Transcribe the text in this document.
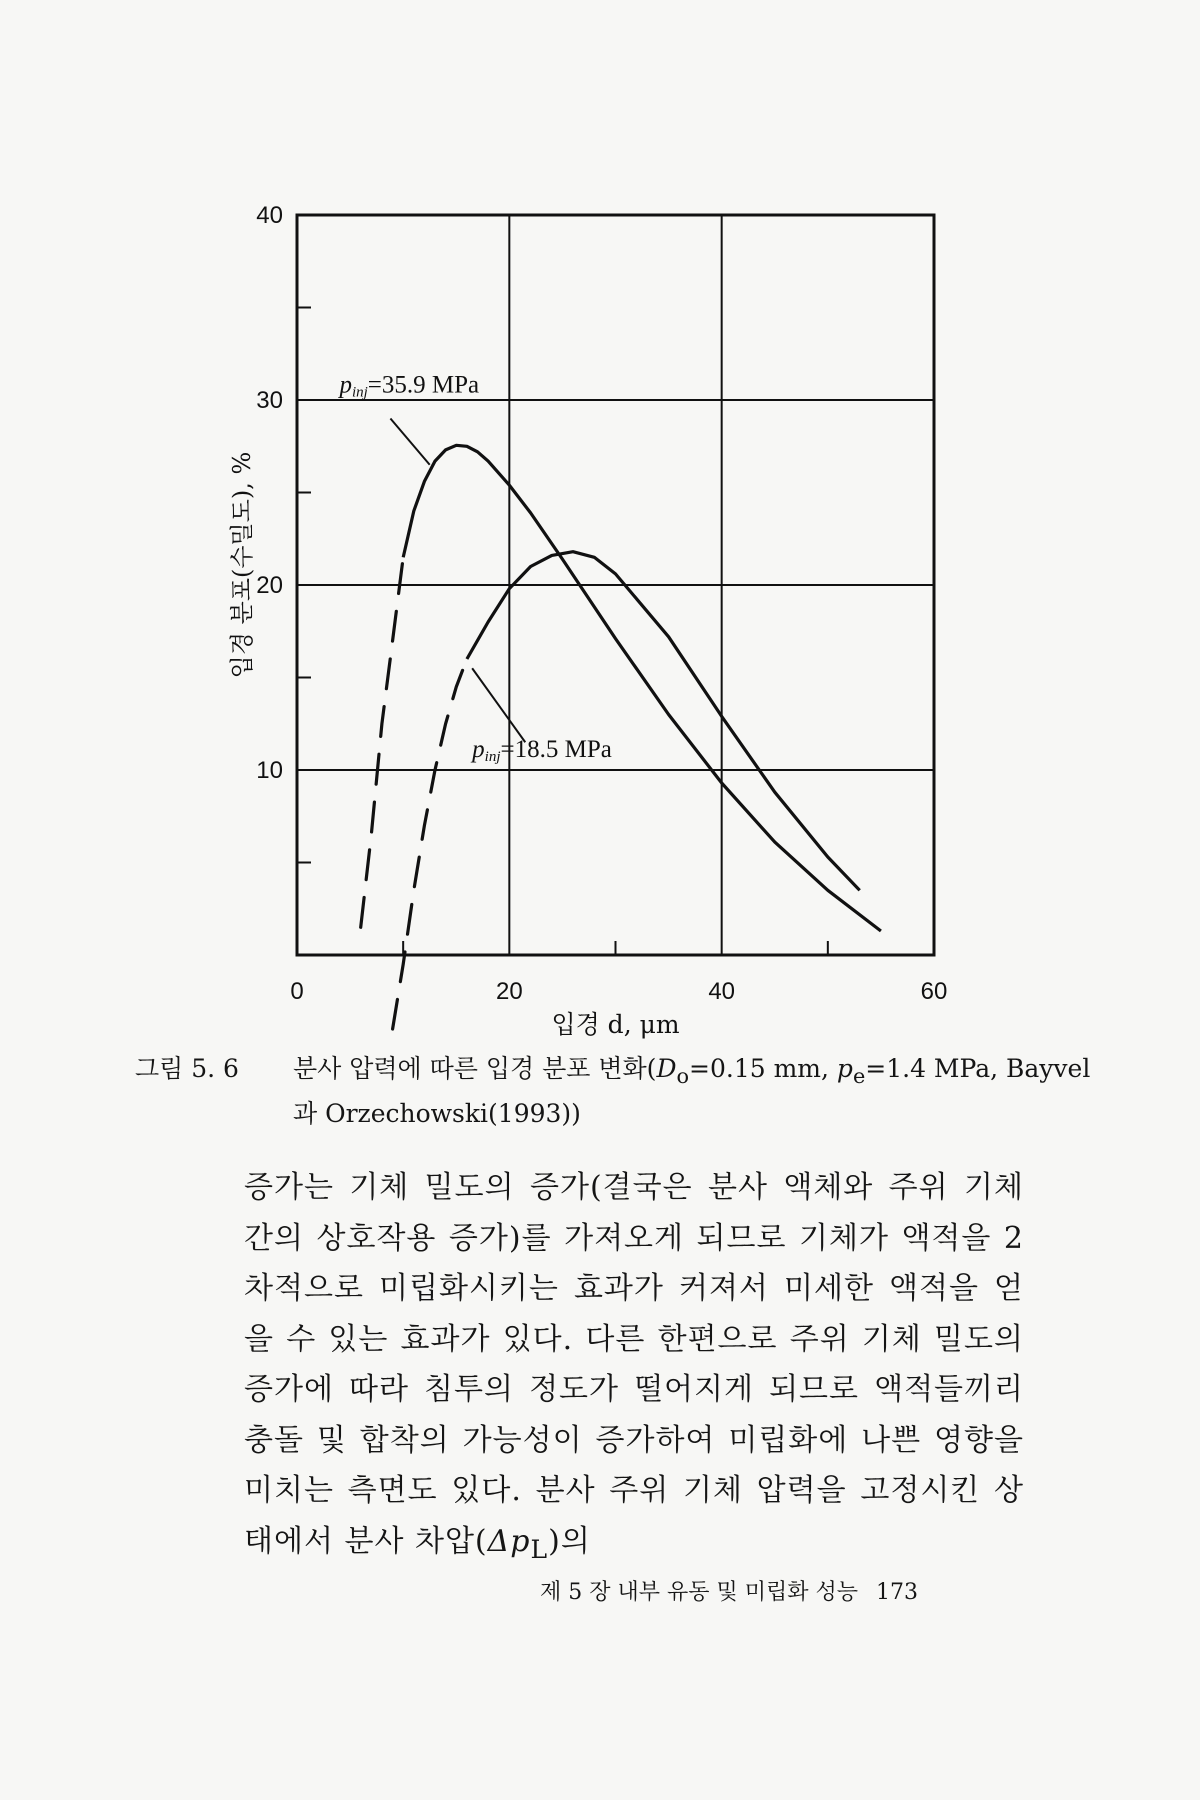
0	20	40	60
10
20
30
40
pinj=35.9 MPa
pinj=18.5 MPa
입경 d, μm
입경 분포(수밀도), %
그림 5. 6 분사 압력에 따른 입경 분포 변화($D_o=0.15$ mm, $p_e=1.4$ MPa, Bayvel과 Orzechowski(1993))
증가는 기체 밀도의 증가(결국은 분사 액체와 주위 기체 간의 상호작용 증가)를 가져오게 되므로 기체가 액적을 2차적으로 미립화시키는 효과가 커져서 미세한 액적을 얻을 수 있는 효과가 있다. 다른 한편으로 주위 기체 밀도의 증가에 따라 침투의 정도가 떨어지게 되므로 액적들끼리 충돌 및 합착의 가능성이 증가하여 미립화에 나쁜 영향을 미치는 측면도 있다. 분사 주위 기체 압력을 고정시킨 상태에서 분사 차압$(\Delta p_L)$의
제 5 장 내부 유동 및 미립화 성능 173
